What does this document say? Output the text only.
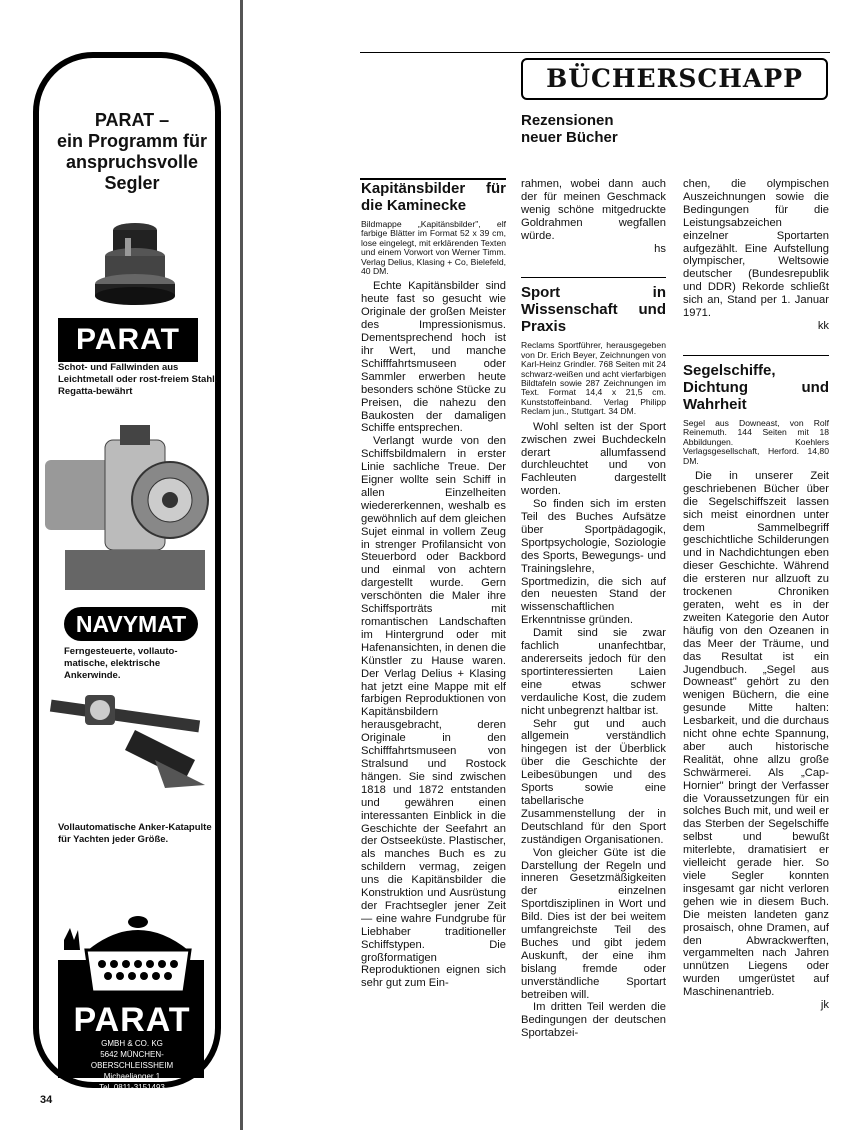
PARAT –
ein Programm für
anspruchsvolle
Segler
PARAT
Schot- und Fallwinden aus Leichtmetall oder rost-freiem Stahl. Regatta-bewährt
NAVYMAT
Ferngesteuerte, vollauto-matische, elektrische Ankerwinde.
Vollautomatische Anker-Katapulte für Yachten jeder Größe.
PARAT
GMBH & CO. KG
5642 MÜNCHEN-OBERSCHLEISSHEIM
Michaelianger 1
Tel. 0811-3151493
34
BÜCHERSCHAPP
Rezensionen
neuer Bücher
Kapitänsbilder für die Kaminecke
Bildmappe „Kapitänsbilder", elf farbige Blätter im Format 52 x 39 cm, lose eingelegt, mit erklärenden Texten und einem Vorwort von Werner Timm. Verlag Delius, Klasing + Co, Bielefeld, 40 DM.

Echte Kapitänsbilder sind heute fast so gesucht wie Originale der großen Meister des Impressionismus. Dementsprechend hoch ist ihr Wert, und manche Schifffahrtsmuseen oder Sammler erwerben heute besonders schöne Stücke zu Preisen, die nahezu den Baukosten der damaligen Schiffe entsprechen.

Verlangt wurde von den Schiffsbildmalern in erster Linie sachliche Treue. Der Eigner wollte sein Schiff in allen Einzelheiten wiedererkennen, weshalb es gewöhnlich auf dem gleichen Sujet einmal in vollem Zeug in strenger Profilansicht von Steuerbord oder Backbord und einmal von achtern dargestellt wurde. Gern verschönten die Maler ihre Schiffsporträts mit romantischen Landschaften im Hintergrund oder mit Hafenansichten, in denen die Künstler zu Hause waren. Der Verlag Delius + Klasing hat jetzt eine Mappe mit elf farbigen Reproduktionen von Kapitänsbildern herausgebracht, deren Originale in den Schifffahrtsmuseen von Stralsund und Rostock hängen. Sie sind zwischen 1818 und 1872 entstanden und gewähren einen interessanten Einblick in die Geschichte der Seefahrt an der Ostseeküste. Plastischer, als manches Buch es zu schildern vermag, zeigen uns die Kapitänsbilder die Konstruktion und Ausrüstung der Frachtsegler jener Zeit — eine wahre Fundgrube für Liebhaber traditioneller Schiffstypen. Die großformatigen Reproduktionen eignen sich sehr gut zum Ein-

rahmen, wobei dann auch der für meinen Geschmack wenig schöne mitgedruckte Goldrahmen wegfallen würde.

hs
Sport in Wissenschaft und Praxis
Reclams Sportführer, herausgegeben von Dr. Erich Beyer, Zeichnungen von Karl-Heinz Grindler. 768 Seiten mit 24 schwarz-weißen und acht vierfarbigen Bildtafeln sowie 287 Zeichnungen im Text. Format 14,4 x 21,5 cm. Kunststoffeinband. Verlag Philipp Reclam jun., Stuttgart. 34 DM.

Wohl selten ist der Sport zwischen zwei Buchdeckeln derart allumfassend durchleuchtet und von Fachleuten dargestellt worden.

So finden sich im ersten Teil des Buches Aufsätze über Sportpädagogik, Sportpsychologie, Soziologie des Sports, Bewegungs- und Trainingslehre, Sportmedizin, die sich auf den neuesten Stand der wissenschaftlichen Erkenntnisse gründen.

Damit sind sie zwar fachlich unanfechtbar, andererseits jedoch für den sportinteressierten Laien eine etwas schwer verdauliche Kost, die zudem nicht unbegrenzt haltbar ist.

Sehr gut und auch allgemein verständlich hingegen ist der Überblick über die Geschichte der Leibesübungen und des Sports sowie eine tabellarische Zusammenstellung der in Deutschland für den Sport zuständigen Organisationen.

Von gleicher Güte ist die Darstellung der Regeln und inneren Gesetzmäßigkeiten der einzelnen Sportdisziplinen in Wort und Bild. Dies ist der bei weitem umfangreichste Teil des Buches und gibt jedem Auskunft, der eine ihm bislang fremde oder unverständliche Sportart betreiben will.

Im dritten Teil werden die Bedingungen der deutschen Sportabzei-

chen, die olympischen Auszeichnungen sowie die Bedingungen für die Leistungsabzeichen einzelner Sportarten aufgezählt. Eine Aufstellung olympischer, Weltsowie deutscher (Bundesrepublik und DDR) Rekorde schließt sich an, Stand per 1. Januar 1971.

kk
Segelschiffe, Dichtung und Wahrheit
Segel aus Downeast, von Rolf Reinemuth. 144 Seiten mit 18 Abbildungen. Koehlers Verlagsgesellschaft, Herford. 14,80 DM.

Die in unserer Zeit geschriebenen Bücher über die Segelschiffszeit lassen sich meist einordnen unter dem Sammelbegriff geschichtliche Schilderungen und in Nachdichtungen eben dieser Geschichte. Während die ersteren nur allzuoft zu trockenen Chroniken geraten, weht es in der zweiten Kategorie den Autor häufig von den Ozeanen in das Meer der Träume, und das Resultat ist ein Jugendbuch. „Segel aus Downeast" gehört zu den wenigen Büchern, die eine gesunde Mitte halten: Lesbarkeit, und die durchaus nicht ohne echte Spannung, aber auch historische Realität, ohne allzu große Schwärmerei. Als „Cap-Hornier" bringt der Verfasser die Voraussetzungen für ein solches Buch mit, und weil er das Sterben der Segelschiffe selbst und bewußt miterlebte, dramatisiert er vielleicht gerade hier. So viele Segler konnten insgesamt gar nicht verloren gehen wie in diesem Buch. Die meisten landeten ganz prosaisch, ohne Dramen, auf den Abwrackwerften, vergammelten nach Jahren unnützen Liegens oder wurden umgerüstet auf Maschinenantrieb.

jk
